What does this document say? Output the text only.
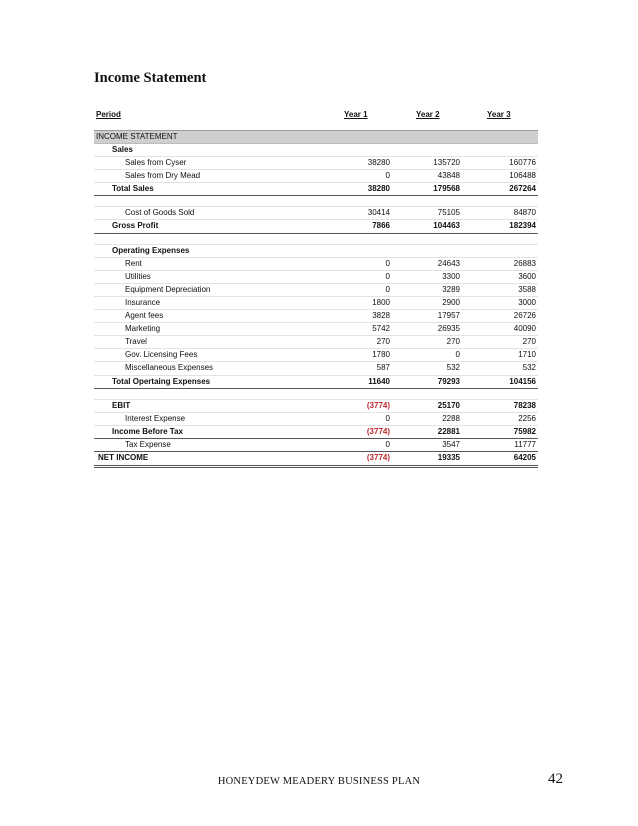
Income Statement
Period	Year 1	Year 2	Year 3
INCOME STATEMENT
Sales
Sales from Cyser	38280	135720	160776
Sales from Dry Mead	0	43848	106488
Total Sales	38280	179568	267264
Cost of Goods Sold	30414	75105	84870
Gross Profit	7866	104463	182394
Operating Expenses
Rent	0	24643	26883
Utilities	0	3300	3600
Equipment Depreciation	0	3289	3588
Insurance	1800	2900	3000
Agent fees	3828	17957	26726
Marketing	5742	26935	40090
Travel	270	270	270
Gov. Licensing Fees	1780	0	1710
Miscellaneous Expenses	587	532	532
Total Opertaing Expenses	11640	79293	104156
EBIT	(3774)	25170	78238
Interest Expense	0	2288	2256
Income Before Tax	(3774)	22881	75982
Tax Expense	0	3547	11777
NET INCOME	(3774)	19335	64205
HONEYDEW MEADERY BUSINESS PLAN	42
